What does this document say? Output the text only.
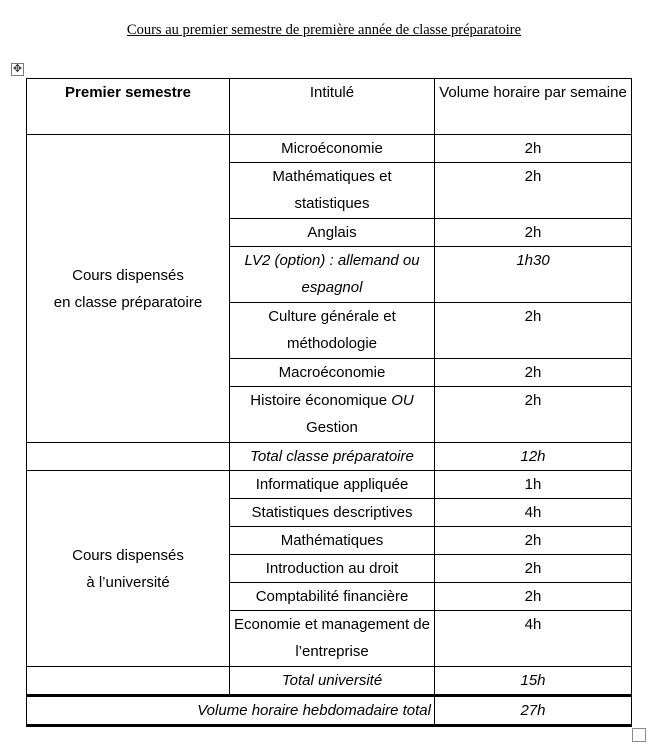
Cours au premier semestre de première année de classe préparatoire
✥
Premier semestre	Intitulé	Volume horaire par semaine
Cours dispensés
en classe préparatoire	Microéconomie	2h
	Mathématiques et statistiques	2h
	Anglais	2h
	LV2 (option) : allemand ou espagnol	1h30
	Culture générale et méthodologie	2h
	Macroéconomie	2h
	Histoire économique OU Gestion	2h
	Total classe préparatoire	12h
Cours dispensés
à l’université	Informatique appliquée	1h
	Statistiques descriptives	4h
	Mathématiques	2h
	Introduction au droit	2h
	Comptabilité financière	2h
	Economie et management de l’entreprise	4h
	Total université	15h
Volume horaire hebdomadaire total		27h
